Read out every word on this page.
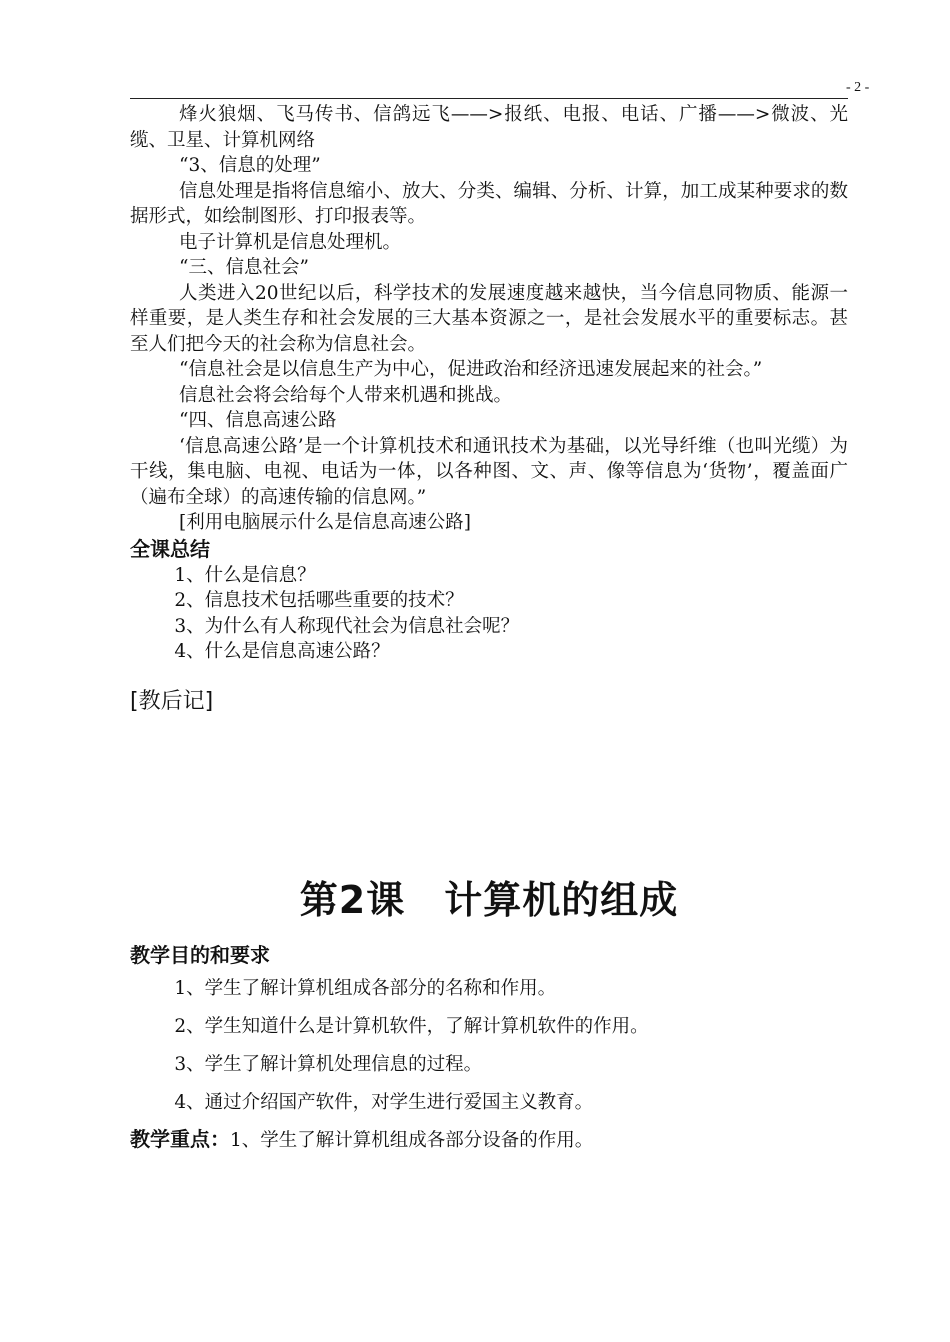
- 2 -

烽火狼烟、飞马传书、信鸽远飞——>报纸、电报、电话、广播——>微波、光缆、卫星、计算机网络

“3、信息的处理”

信息处理是指将信息缩小、放大、分类、编辑、分析、计算，加工成某种要求的数据形式，如绘制图形、打印报表等。

电子计算机是信息处理机。

“三、信息社会”

人类进入20世纪以后，科学技术的发展速度越来越快，当今信息同物质、能源一样重要，是人类生存和社会发展的三大基本资源之一，是社会发展水平的重要标志。甚至人们把今天的社会称为信息社会。

“信息社会是以信息生产为中心，促进政治和经济迅速发展起来的社会。”

信息社会将会给每个人带来机遇和挑战。

“四、信息高速公路

‘信息高速公路’是一个计算机技术和通讯技术为基础，以光导纤维（也叫光缆）为干线，集电脑、电视、电话为一体，以各种图、文、声、像等信息为‘货物’，覆盖面广（遍布全球）的高速传输的信息网。”

[利用电脑展示什么是信息高速公路]

全课总结

1、什么是信息？

2、信息技术包括哪些重要的技术？

3、为什么有人称现代社会为信息社会呢？

4、什么是信息高速公路？

[教后记]

第2课　计算机的组成

教学目的和要求

1、学生了解计算机组成各部分的名称和作用。

2、学生知道什么是计算机软件，了解计算机软件的作用。

3、学生了解计算机处理信息的过程。

4、通过介绍国产软件，对学生进行爱国主义教育。

教学重点：1、学生了解计算机组成各部分设备的作用。
